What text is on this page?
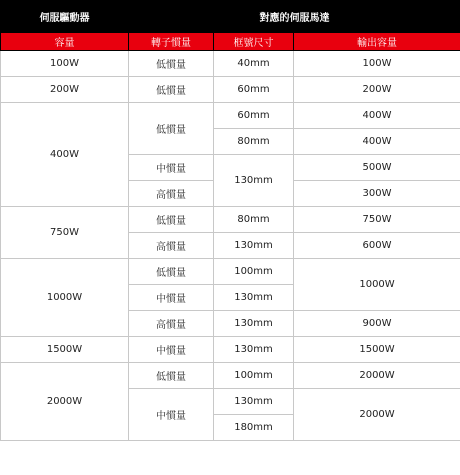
伺服驅動器	對應的伺服馬達		
容量	轉子慣量	框號尺寸	輸出容量
100W	低慣量	40mm	100W
200W	低慣量	60mm	200W
400W	低慣量	60mm	400W
		80mm	400W
	中慣量	130mm	500W
	高慣量		300W
750W	低慣量	80mm	750W
	高慣量	130mm	600W
1000W	低慣量	100mm	1000W
	中慣量	130mm	
	高慣量	130mm	900W
1500W	中慣量	130mm	1500W
2000W	低慣量	100mm	2000W
	中慣量	130mm	2000W
		180mm	
